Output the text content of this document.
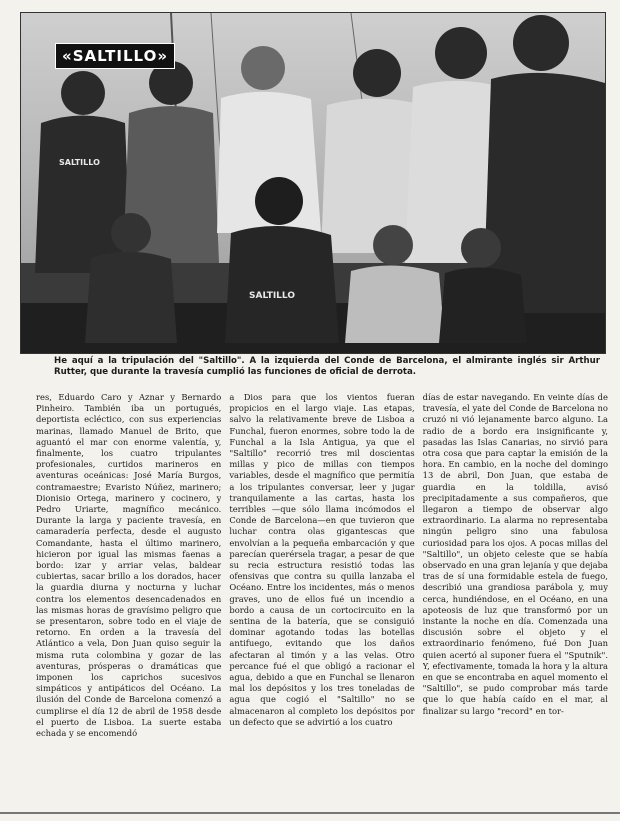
SALTILLO
SALTILLO
«SALTILLO»
He aquí a la tripulación del "Saltillo". A la izquierda del Conde de Barcelona, el almirante inglés sir Arthur Rutter, que durante la travesía cumplió las funciones de oficial de derrota.
res, Eduardo Caro y Aznar y Bernardo Pinheiro. También iba un portugués, deportista ecléctico, con sus experiencias marinas, llamado Manuel de Brito, que aguantó el mar con enorme valentía, y, finalmente, los cuatro tripulantes profesionales, curtidos marineros en aventuras oceánicas: José María Burgos, contramaestre; Evaristo Núñez, marinero; Dionisio Ortega, marinero y cocinero, y Pedro Uriarte, magnífico mecánico. Durante la larga y paciente travesía, en camaradería perfecta, desde el augusto Comandante, hasta el último marinero, hicieron por igual las mismas faenas a bordo: izar y arriar velas, baldear cubiertas, sacar brillo a los dorados, hacer la guardia diurna y nocturna y luchar contra los elementos desencadenados en las mismas horas de gravísimo peligro que se presentaron, sobre todo en el viaje de retorno. En orden a la travesía del Atlántico a vela, Don Juan quiso seguir la misma ruta colombina y gozar de las aventuras, prósperas o dramáticas que imponen los caprichos sucesivos simpáticos y antipáticos del Océano. La ilusión del Conde de Barcelona comenzó a cumplirse el día 12 de abril de 1958 desde el puerto de Lisboa. La suerte estaba echada y se encomendó
a Dios para que los vientos fueran propicios en el largo viaje. Las etapas, salvo la relativamente breve de Lisboa a Funchal, fueron enormes, sobre todo la de Funchal a la Isla Antigua, ya que el "Saltillo" recorrió tres mil doscientas millas y pico de millas con tiempos variables, desde el magnífico que permitía a los tripulantes conversar, leer y jugar tranquilamente a las cartas, hasta los terribles —que sólo llama incómodos el Conde de Barcelona—en que tuvieron que luchar contra olas gigantescas que envolvían a la pequeña embarcación y que parecían querérsela tragar, a pesar de que su recia estructura resistió todas las ofensivas que contra su quilla lanzaba el Océano. Entre los incidentes, más o menos graves, uno de ellos fué un incendio a bordo a causa de un cortocircuito en la sentina de la batería, que se consiguió dominar agotando todas las botellas antifuego, evitando que los daños afectaran al timón y a las velas. Otro percance fué el que obligó a racionar el agua, debido a que en Funchal se llenaron mal los depósitos y los tres toneladas de agua que cogió el "Saltillo" no se almacenaron al completo los depósitos por un defecto que se advirtió a los cuatro
días de estar navegando. En veinte días de travesía, el yate del Conde de Barcelona no cruzó ni vió lejanamente barco alguno. La radio de a bordo era insignificante y, pasadas las Islas Canarias, no sirvió para otra cosa que para captar la emisión de la hora. En cambio, en la noche del domingo 13 de abril, Don Juan, que estaba de guardia en la toldilla, avisó precipitadamente a sus compañeros, que llegaron a tiempo de observar algo extraordinario. La alarma no representaba ningún peligro sino una fabulosa curiosidad para los ojos. A pocas millas del "Saltillo", un objeto celeste que se había observado en una gran lejanía y que dejaba tras de sí una formidable estela de fuego, describió una grandiosa parábola y, muy cerca, hundiéndose, en el Océano, en una apoteosis de luz que transformó por un instante la noche en día. Comenzada una discusión sobre el objeto y el extraordinario fenómeno, fué Don Juan quien acertó al suponer fuera el "Sputnik". Y, efectivamente, tomada la hora y la altura en que se encontraba en aquel momento el "Saltillo", se pudo comprobar más tarde que lo que había caído en el mar, al finalizar su largo "record" en tor-
